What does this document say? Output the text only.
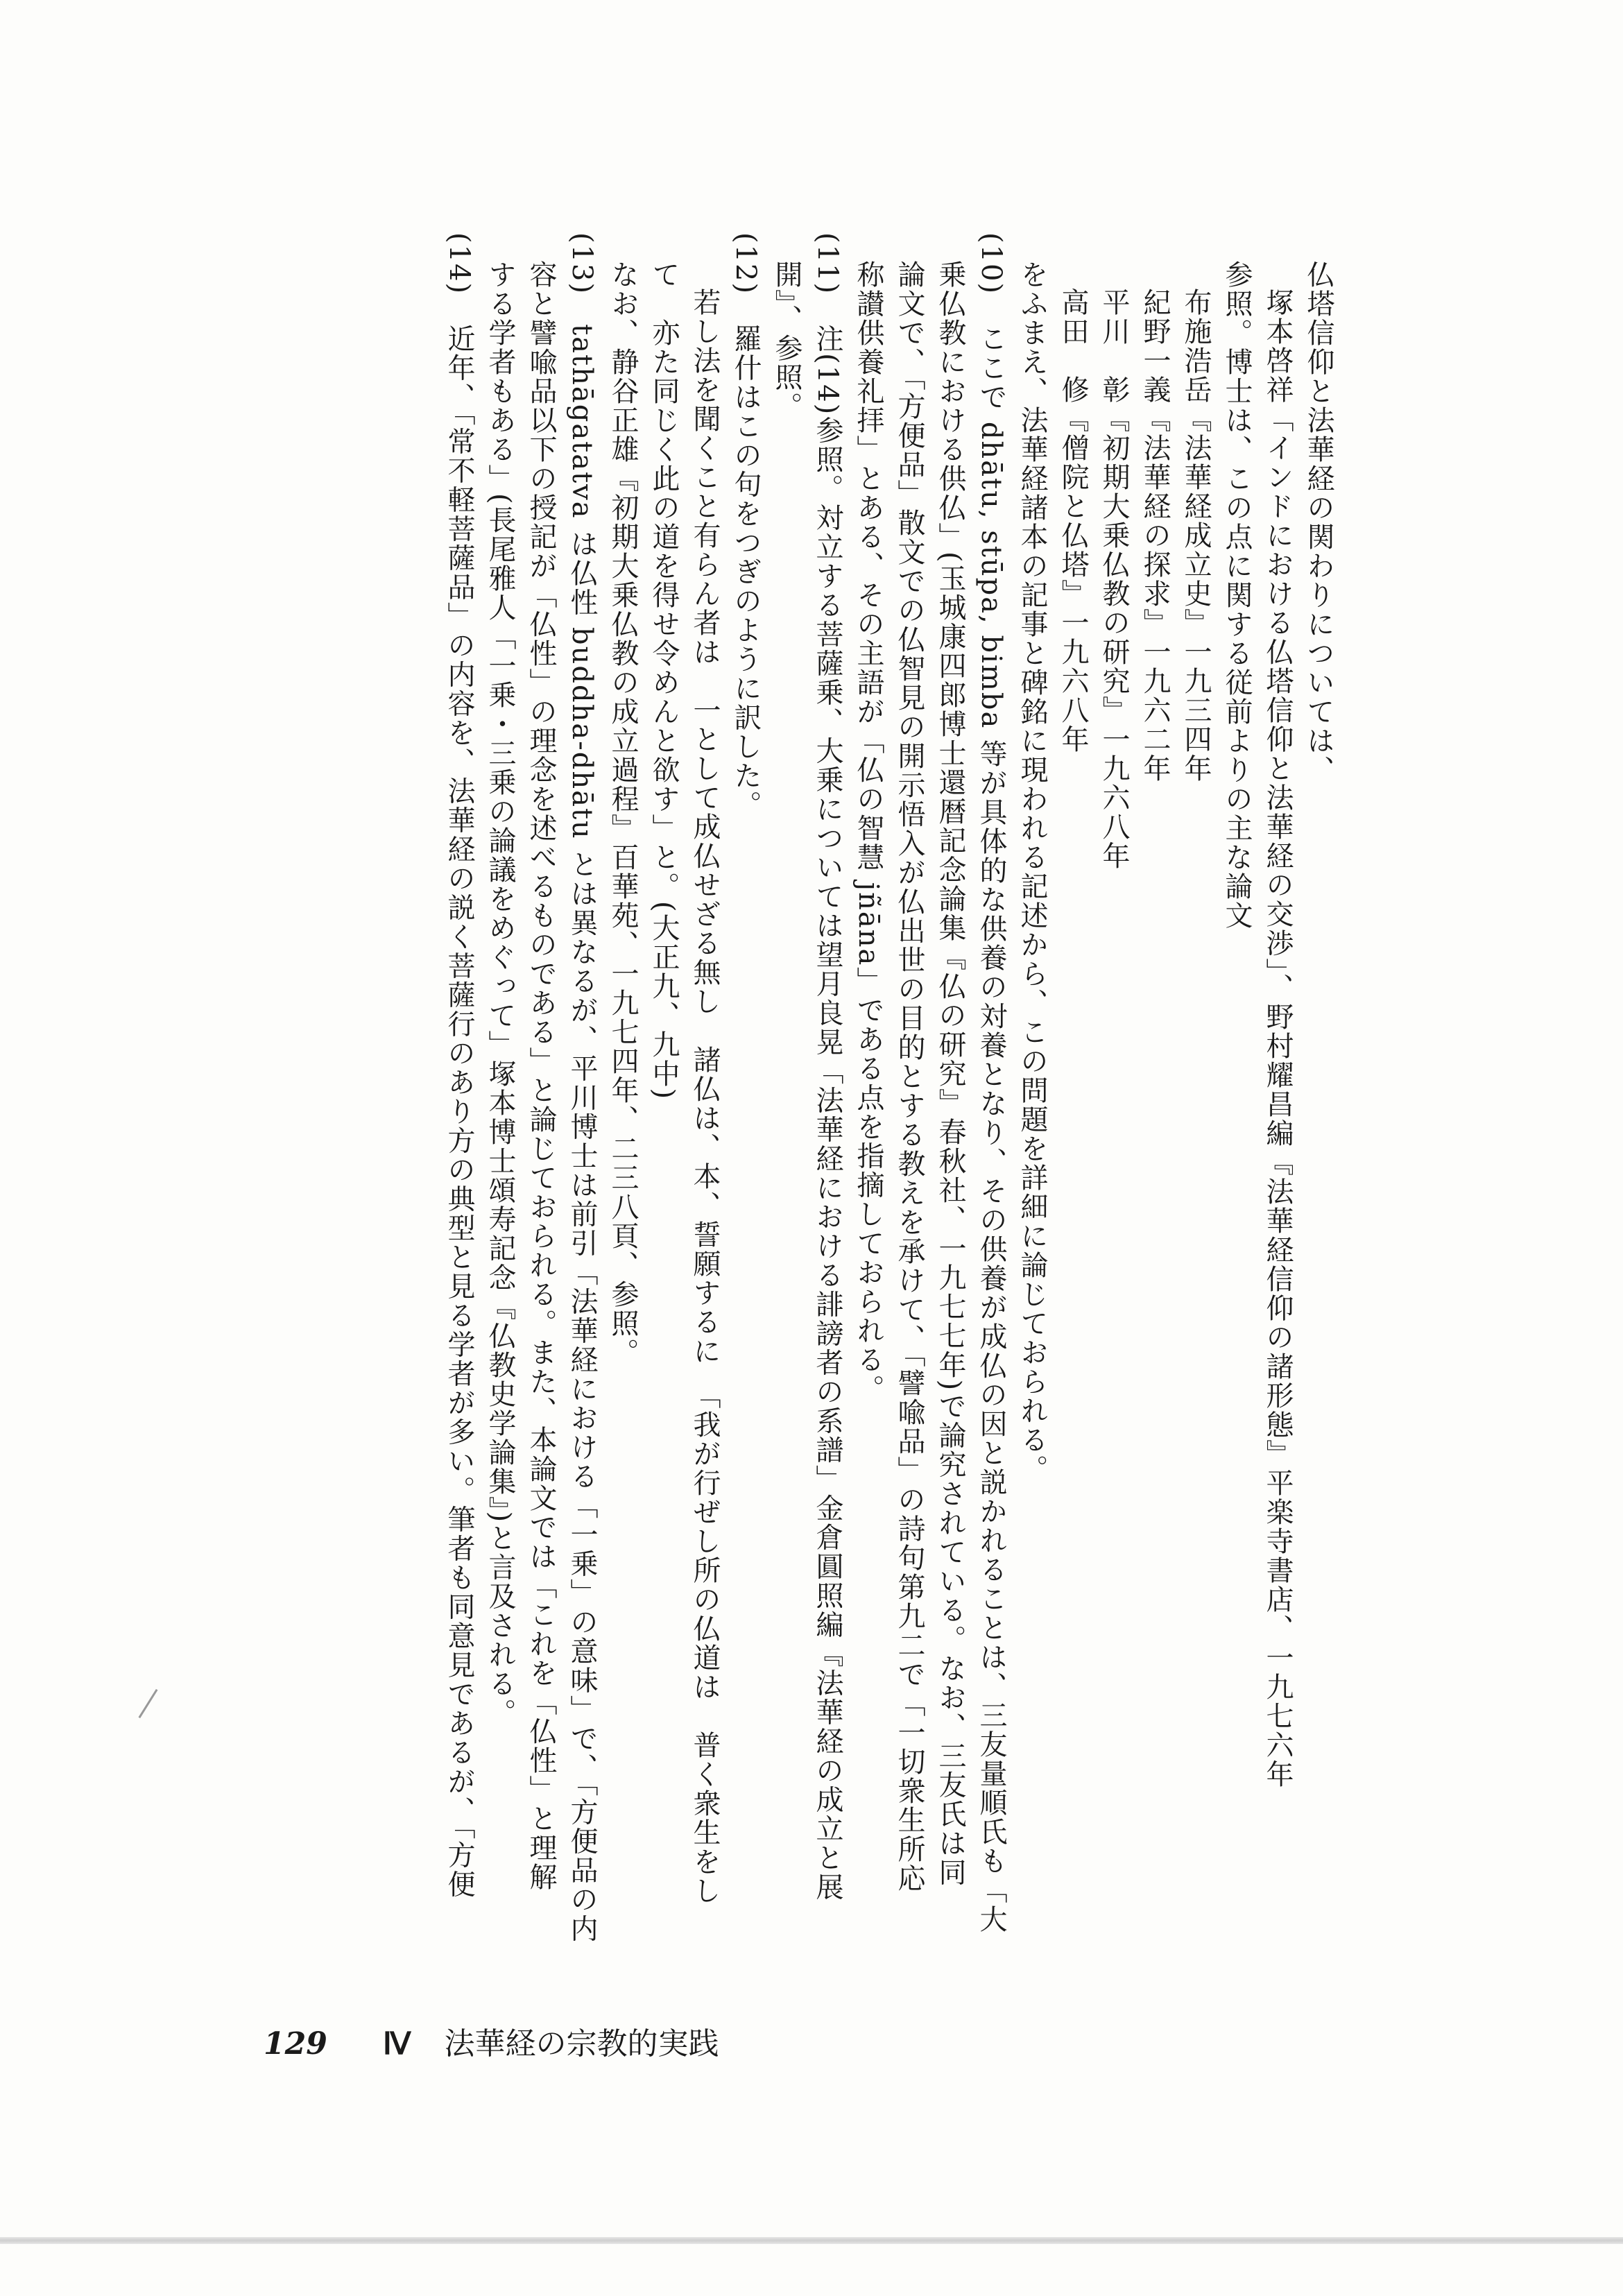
仏塔信仰と法華経の関わりについては、
塚本啓祥「インドにおける仏塔信仰と法華経の交渉」、野村耀昌編『法華経信仰の諸形態』平楽寺書店、一九七六年
参照。博士は、この点に関する従前よりの主な論文
布施浩岳『法華経成立史』一九三四年
紀野一義『法華経の探求』一九六二年
平川　彰『初期大乗仏教の研究』一九六八年
高田　修『僧院と仏塔』一九六八年
をふまえ、法華経諸本の記事と碑銘に現われる記述から、この問題を詳細に論じておられる。
(10)　ここで dhātu, stūpa, bimba 等が具体的な供養の対養となり、その供養が成仏の因と説かれることは、三友量順氏も「大
乗仏教における供仏」(玉城康四郎博士還暦記念論集『仏の研究』春秋社、一九七七年)で論究されている。なお、三友氏は同
論文で、「方便品」散文での仏智見の開示悟入が仏出世の目的とする教えを承けて、「譬喩品」の詩句第九二で「一切衆生所応
称讃供養礼拝」とある、その主語が「仏の智慧 jñāna」である点を指摘しておられる。
(11)　注(14)参照。対立する菩薩乗、大乗については望月良晃「法華経における誹謗者の系譜」金倉圓照編『法華経の成立と展
開』、参照。
(12)　羅什はこの句をつぎのように訳した。
若し法を聞くこと有らん者は　一として成仏せざる無し　諸仏は、本、誓願するに　「我が行ぜし所の仏道は　普く衆生をし
て　亦た同じく此の道を得せ令めんと欲す」と。(大正九、九中)
なお、静谷正雄『初期大乗仏教の成立過程』百華苑、一九七四年、二三八頁、参照。
(13)　tathāgatatva は仏性 buddha-dhātu とは異なるが、平川博士は前引「法華経における「一乗」の意味」で、「方便品の内
容と譬喩品以下の授記が「仏性」の理念を述べるものである」と論じておられる。また、本論文では「これを「仏性」と理解
する学者もある」(長尾雅人「一乗・三乗の論議をめぐって」塚本博士頌寿記念『仏教史学論集』)と言及される。
(14)　近年、「常不軽菩薩品」の内容を、法華経の説く菩薩行のあり方の典型と見る学者が多い。筆者も同意見であるが、「方便
129 Ⅳ 法華経の宗教的実践
